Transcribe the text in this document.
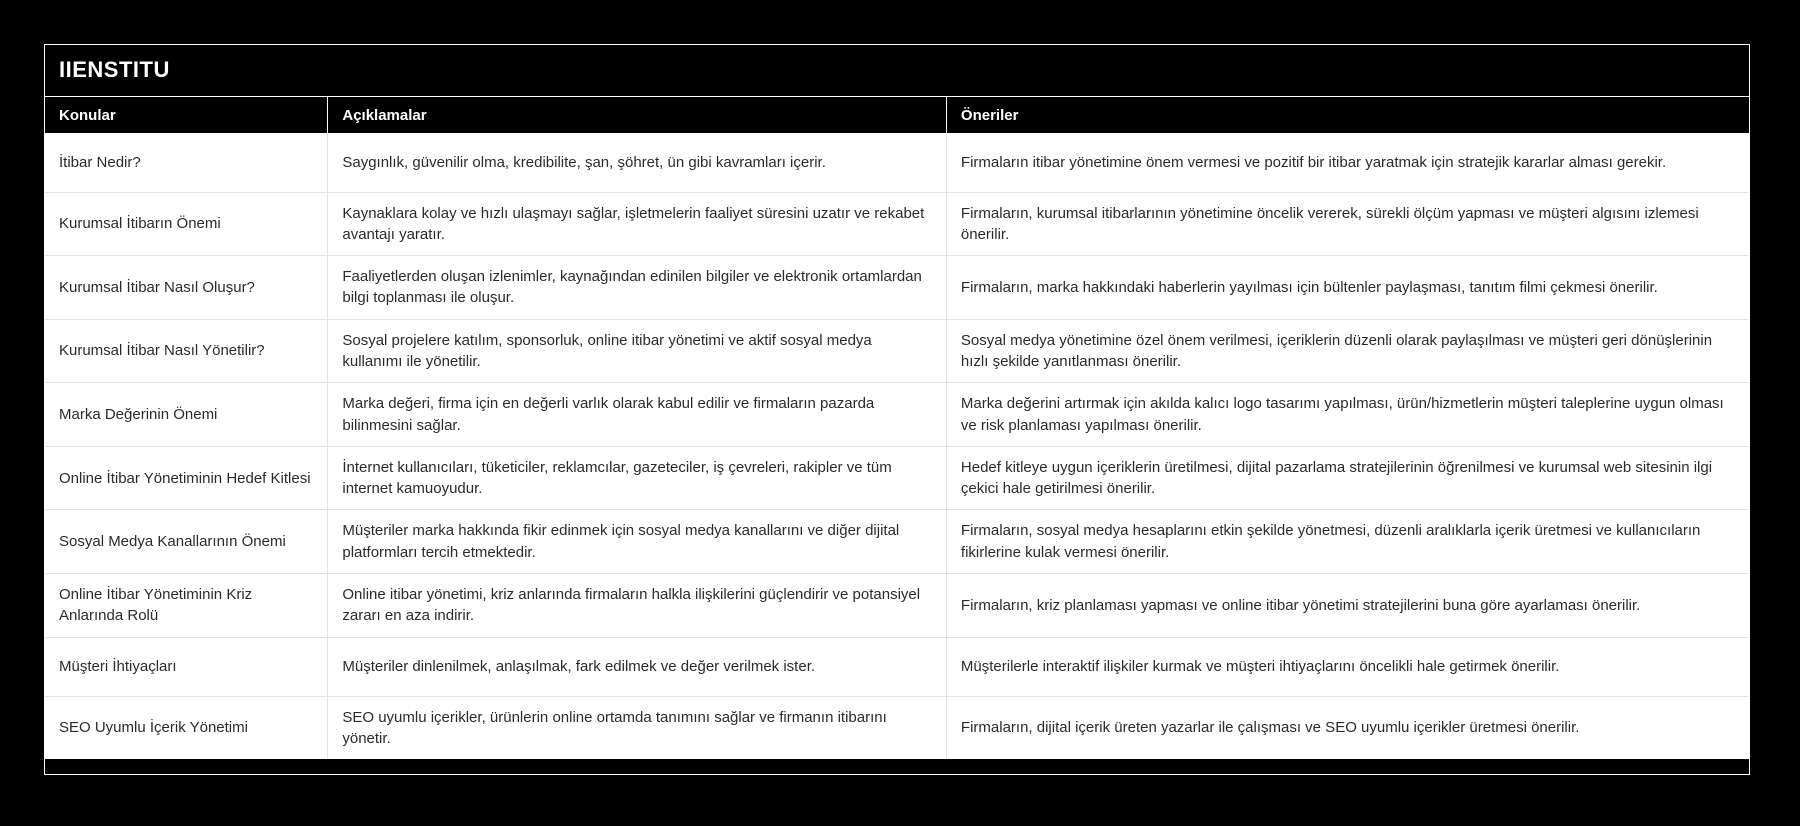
IIENSTITU
Konular	Açıklamalar	Öneriler
İtibar Nedir?	Saygınlık, güvenilir olma, kredibilite, şan, şöhret, ün gibi kavramları içerir.	Firmaların itibar yönetimine önem vermesi ve pozitif bir itibar yaratmak için stratejik kararlar alması gerekir.
Kurumsal İtibarın Önemi	Kaynaklara kolay ve hızlı ulaşmayı sağlar, işletmelerin faaliyet süresini uzatır ve rekabet avantajı yaratır.	Firmaların, kurumsal itibarlarının yönetimine öncelik vererek, sürekli ölçüm yapması ve müşteri algısını izlemesi önerilir.
Kurumsal İtibar Nasıl Oluşur?	Faaliyetlerden oluşan izlenimler, kaynağından edinilen bilgiler ve elektronik ortamlardan bilgi toplanması ile oluşur.	Firmaların, marka hakkındaki haberlerin yayılması için bültenler paylaşması, tanıtım filmi çekmesi önerilir.
Kurumsal İtibar Nasıl Yönetilir?	Sosyal projelere katılım, sponsorluk, online itibar yönetimi ve aktif sosyal medya kullanımı ile yönetilir.	Sosyal medya yönetimine özel önem verilmesi, içeriklerin düzenli olarak paylaşılması ve müşteri geri dönüşlerinin hızlı şekilde yanıtlanması önerilir.
Marka Değerinin Önemi	Marka değeri, firma için en değerli varlık olarak kabul edilir ve firmaların pazarda bilinmesini sağlar.	Marka değerini artırmak için akılda kalıcı logo tasarımı yapılması, ürün/hizmetlerin müşteri taleplerine uygun olması ve risk planlaması yapılması önerilir.
Online İtibar Yönetiminin Hedef Kitlesi	İnternet kullanıcıları, tüketiciler, reklamcılar, gazeteciler, iş çevreleri, rakipler ve tüm internet kamuoyudur.	Hedef kitleye uygun içeriklerin üretilmesi, dijital pazarlama stratejilerinin öğrenilmesi ve kurumsal web sitesinin ilgi çekici hale getirilmesi önerilir.
Sosyal Medya Kanallarının Önemi	Müşteriler marka hakkında fikir edinmek için sosyal medya kanallarını ve diğer dijital platformları tercih etmektedir.	Firmaların, sosyal medya hesaplarını etkin şekilde yönetmesi, düzenli aralıklarla içerik üretmesi ve kullanıcıların fikirlerine kulak vermesi önerilir.
Online İtibar Yönetiminin Kriz Anlarında Rolü	Online itibar yönetimi, kriz anlarında firmaların halkla ilişkilerini güçlendirir ve potansiyel zararı en aza indirir.	Firmaların, kriz planlaması yapması ve online itibar yönetimi stratejilerini buna göre ayarlaması önerilir.
Müşteri İhtiyaçları	Müşteriler dinlenilmek, anlaşılmak, fark edilmek ve değer verilmek ister.	Müşterilerle interaktif ilişkiler kurmak ve müşteri ihtiyaçlarını öncelikli hale getirmek önerilir.
SEO Uyumlu İçerik Yönetimi	SEO uyumlu içerikler, ürünlerin online ortamda tanımını sağlar ve firmanın itibarını yönetir.	Firmaların, dijital içerik üreten yazarlar ile çalışması ve SEO uyumlu içerikler üretmesi önerilir.
